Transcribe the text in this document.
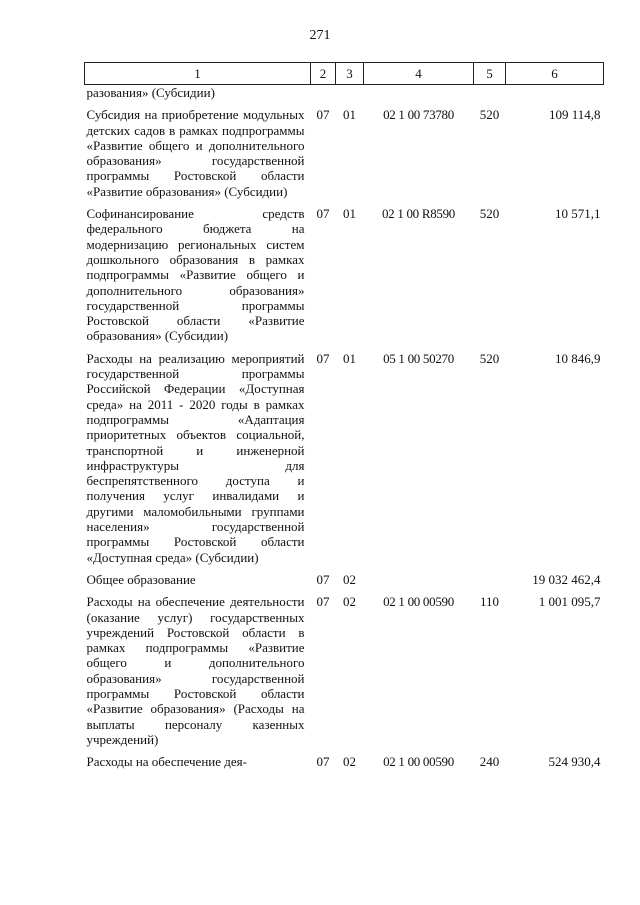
271
1	2	3	4	5	6
разования» (Субсидии)					
Субсидия на приобретение модульных детских садов в рамках подпрограммы «Развитие общего и дополнительного образования» государственной программы Ростовской области «Развитие образования» (Субсидии)	07	01	02 1 00 73780	520	109 114,8
Софинансирование средств федерального бюджета на модернизацию региональных систем дошкольного образования в рамках подпрограммы «Развитие общего и дополнительного образования» государственной программы Ростовской области «Развитие образования» (Субсидии)	07	01	02 1 00 R8590	520	10 571,1
Расходы на реализацию мероприятий государственной программы Российской Федерации «Доступная среда» на 2011 - 2020 годы в рамках подпрограммы «Адаптация приоритетных объектов социальной, транспортной и инженерной инфраструктуры для беспрепятственного доступа и получения услуг инвалидами и другими маломобильными группами населения» государственной программы Ростовской области «Доступная среда» (Субсидии)	07	01	05 1 00 50270	520	10 846,9
Общее образование	07	02			19 032 462,4
Расходы на обеспечение деятельности (оказание услуг) государственных учреждений Ростовской области в рамках подпрограммы «Развитие общего и дополнительного образования» государственной программы Ростовской области «Развитие образования» (Расходы на выплаты персоналу казенных учреждений)	07	02	02 1 00 00590	110	1 001 095,7
Расходы на обеспечение дея-	07	02	02 1 00 00590	240	524 930,4
